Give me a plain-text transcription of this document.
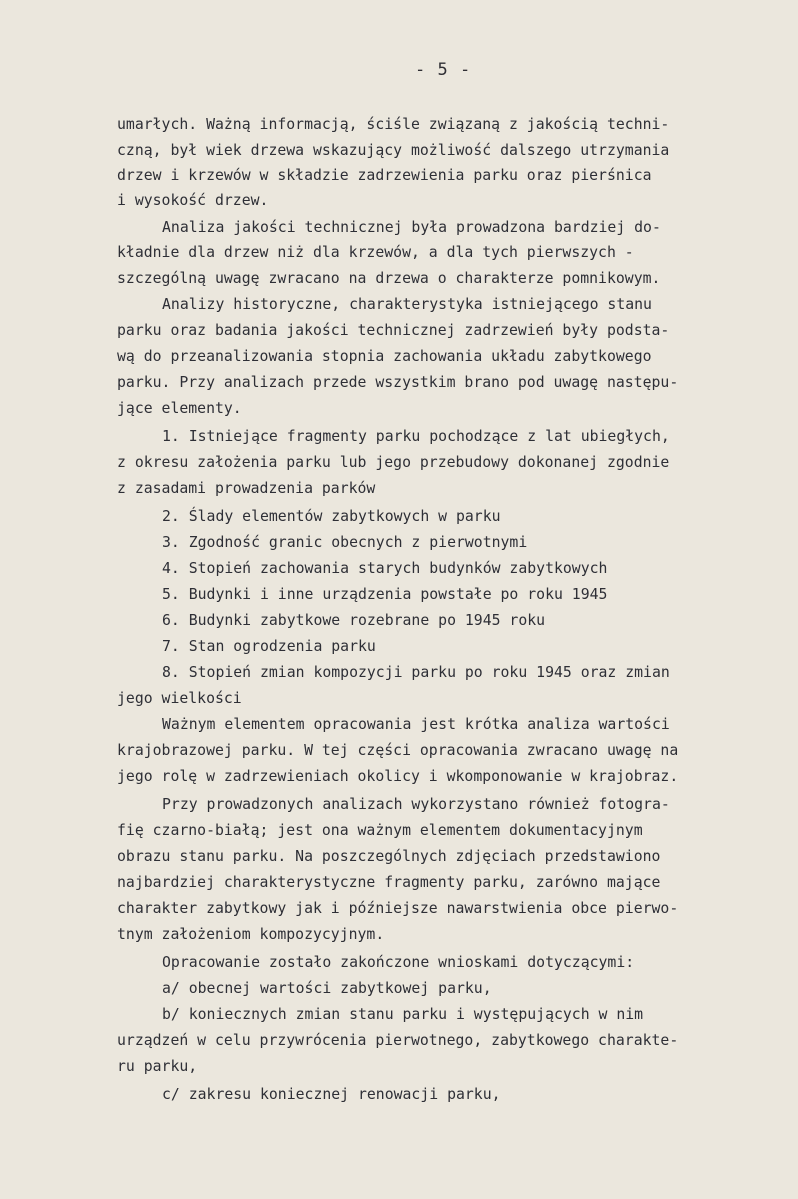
- 5 -
umarłych. Ważną informacją, ściśle związaną z jakością techni-
czną, był wiek drzewa wskazujący możliwość dalszego utrzymania
drzew i krzewów w składzie zadrzewienia parku oraz pierśnica
i wysokość drzew.
Analiza jakości technicznej była prowadzona bardziej do-
kładnie dla drzew niż dla krzewów, a dla tych pierwszych -
szczególną uwagę zwracano na drzewa o charakterze pomnikowym.
Analizy historyczne, charakterystyka istniejącego stanu
parku oraz badania jakości technicznej zadrzewień były podsta-
wą do przeanalizowania stopnia zachowania układu zabytkowego
parku. Przy analizach przede wszystkim brano pod uwagę następu-
jące elementy.
1. Istniejące fragmenty parku pochodzące z lat ubiegłych,
z okresu założenia parku lub jego przebudowy dokonanej zgodnie
z zasadami prowadzenia parków
2. Ślady elementów zabytkowych w parku
3. Zgodność granic obecnych z pierwotnymi
4. Stopień zachowania starych budynków zabytkowych
5. Budynki i inne urządzenia powstałe po roku 1945
6. Budynki zabytkowe rozebrane po 1945 roku
7. Stan ogrodzenia parku
8. Stopień zmian kompozycji parku po roku 1945 oraz zmian
jego wielkości
Ważnym elementem opracowania jest krótka analiza wartości
krajobrazowej parku. W tej części opracowania zwracano uwagę na
jego rolę w zadrzewieniach okolicy i wkomponowanie w krajobraz.
Przy prowadzonych analizach wykorzystano również fotogra-
fię czarno-białą; jest ona ważnym elementem dokumentacyjnym
obrazu stanu parku. Na poszczególnych zdjęciach przedstawiono
najbardziej charakterystyczne fragmenty parku, zarówno mające
charakter zabytkowy jak i późniejsze nawarstwienia obce pierwo-
tnym założeniom kompozycyjnym.
Opracowanie zostało zakończone wnioskami dotyczącymi:
a/ obecnej wartości zabytkowej parku,
b/ koniecznych zmian stanu parku i występujących w nim
urządzeń w celu przywrócenia pierwotnego, zabytkowego charakte-
ru parku,
c/ zakresu koniecznej renowacji parku,
